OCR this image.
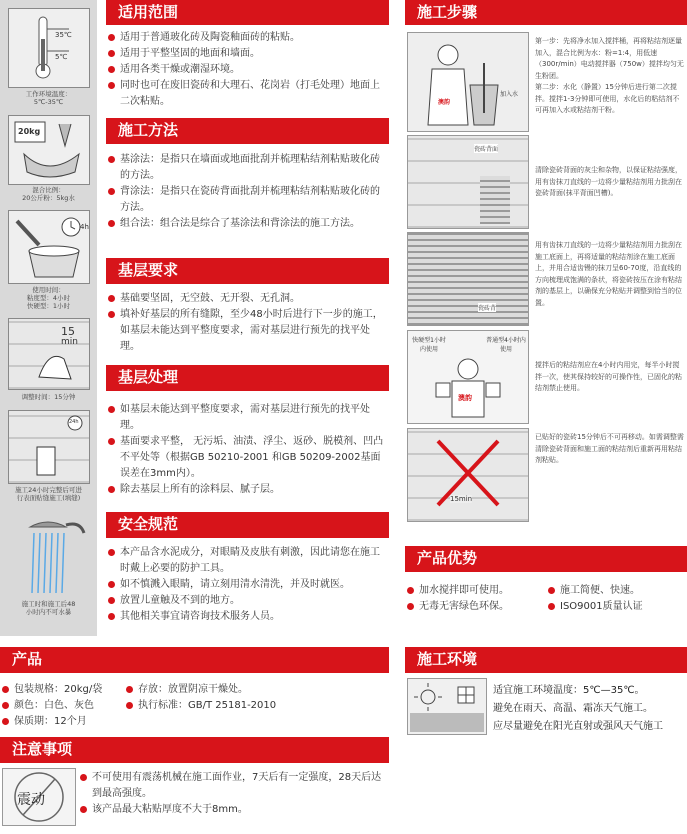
35℃
5℃
工作环境温度：
5℃-35℃
20kg
混合比例：
20公斤粉：5kg水
4h
使用时间：
粘度型：4小时
快硬型：1小时
15
min
调整时间：15分钟
24h
施工24小时完整后可进
行表面贴缝施工(填缝)
施工时和施工后48
小时内不可水暴
适用范围
适用于普通玻化砖及陶瓷釉面砖的粘贴。
适用于平整坚固的地面和墙面。
适用各类干燥或潮湿环境。
同时也可在废旧瓷砖和大理石、花岗岩（打毛处理）地面上二次粘贴。
施工方法
基涂法：是指只在墙面或地面批刮并梳理粘结剂粘贴玻化砖的方法。
背涂法：是指只在瓷砖背面批刮并梳理粘结剂粘贴玻化砖的方法。
组合法：组合法是综合了基涂法和背涂法的施工方法。
基层要求
基础要坚固，无空鼓、无开裂、无孔洞。
填补好基层的所有缝隙，至少48小时后进行下一步的施工，如基层未能达到平整度要求，需对基层进行预先的找平处理。
基层处理
如基层未能达到平整度要求，需对基层进行预先的找平处理。
基面要求平整， 无污垢、油渍、浮尘、返砂、脱模剂、凹凸不平处等（根据GB 50210-2001 和GB 50209-2002基面误差在3mm内）。
除去基层上所有的涂料层、腻子层。
安全规范
本产品含水泥成分，对眼睛及皮肤有刺激，因此请您在施工时戴上必要的防护工具。
如不慎溅入眼睛，请立刻用清水清洗，并及时就医。
放置儿童触及不到的地方。
其他相关事宜请咨询技术服务人员。
施工步骤
澳韵
加入水
第一步：先将净水加入搅拌桶，再将粘结剂逐量加入，混合比例为水：粉=1:4，用低速（300r/min）电动搅拌器（750w）搅拌均匀无生粉团。
第二步：水化（静置）15分钟后进行第二次搅拌。搅拌1-3分钟即可使用，水化后的粘结剂不可再加入水或粘结剂干粉。
瓷砖背面
清除瓷砖背面的灰尘和杂物，以保证粘结强度，用有齿抹刀直线的一边将少量粘结剂用力批刮在瓷砖背面(抹平背面凹槽)。
瓷砖背
用有齿抹刀直线的一边将少量粘结剂用力批刮在施工底面上，再将适量的粘结剂涂在施工底面上，并用合适齿镘的抹刀呈60-70度，沿直线的方向梳理成饱满的条状，将瓷砖按压在涂有粘结剂的基层上，以确保充分粘贴并调整到恰当的位置。
澳韵
快硬型1小时内使用
普通型4小时内使用
搅拌后的粘结剂应在4小时内用完，每半小时搅拌一次，使其保持较好的可操作性，已固化的粘结剂禁止使用。
15min
已贴好的瓷砖15分钟后不可再移动。如需调整需清除瓷砖背面和施工面的粘结剂后重新再用粘结剂粘贴。
产品优势
加水搅拌即可使用。
无毒无害绿色环保。
施工简便、快速。
ISO9001质量认证
产品
包装规格：20kg/袋
颜色：白色、灰色
保质期：12个月
存放：放置阴凉干燥处。
执行标准：GB/T 25181-2010
施工环境
适宜施工环境温度：5℃—35℃。
避免在雨天、高温、霜冻天气施工。
应尽量避免在阳光直射或强风天气施工
注意事项
震动
不可使用有震荡机械在施工面作业，7天后有一定强度，28天后达到最高强度。
该产品最大粘贴厚度不大于8mm。
